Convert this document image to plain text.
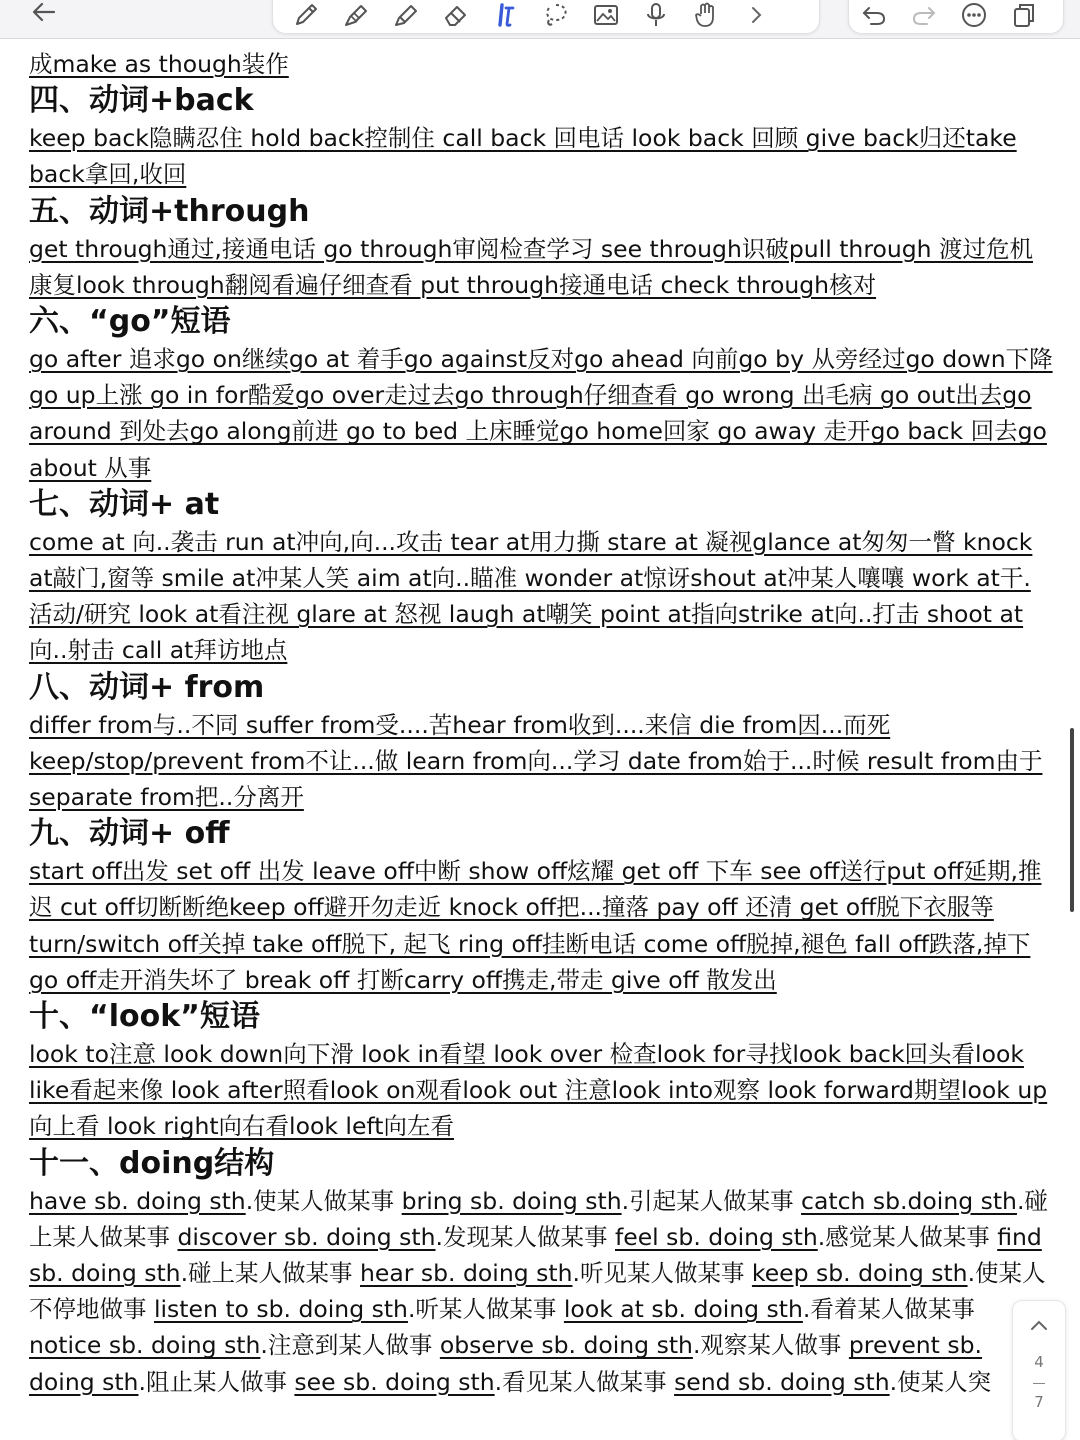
成make as though装作

四、动词+back

keep back隐瞒忍住 hold back控制住 call back 回电话 look back 回顾 give back归还take back拿回,收回

五、动词+through

get through通过,接通电话 go through审阅检查学习 see through识破pull through 渡过危机康复look through翻阅看遍仔细查看 put through接通电话 check through核对

六、“go”短语

go after 追求go on继续go at 着手go against反对go ahead 向前go by 从旁经过go down下降 go up上涨 go in for酷爱go over走过去go through仔细查看 go wrong 出毛病 go out出去go around 到处去go along前进 go to bed 上床睡觉go home回家 go away 走开go back 回去go about 从事

七、动词+ at

come at 向..袭击 run at冲向,向...攻击 tear at用力撕 stare at 凝视glance at匆匆一瞥 knock at敲门,窗等 smile at冲某人笑 aim at向..瞄准 wonder at惊讶shout at冲某人嚷嚷 work at干.活动/研究 look at看注视 glare at 怒视 laugh at嘲笑 point at指向strike at向..打击 shoot at向..射击 call at拜访地点

八、动词+ from

differ from与..不同 suffer from受....苦hear from收到....来信 die from因...而死keep/stop/prevent from不让...做 learn from向...学习 date from始于...时候 result from由于 separate from把..分离开

九、动词+ off

start off出发 set off 出发 leave off中断 show off炫耀 get off 下车 see off送行put off延期,推迟 cut off切断断绝keep off避开勿走近 knock off把...撞落 pay off 还清 get off脱下衣服等 turn/switch off关掉 take off脱下, 起飞 ring off挂断电话 come off脱掉,褪色 fall off跌落,掉下go off走开消失坏了 break off 打断carry off携走,带走 give off 散发出

十、“look”短语

look to注意 look down向下滑 look in看望 look over 检查look for寻找look back回头看look like看起来像 look after照看look on观看look out 注意look into观察 look forward期望look up向上看 look right向右看look left向左看

十一、doing结构

have sb. doing sth.使某人做某事 bring sb. doing sth.引起某人做某事 catch sb.doing sth.碰上某人做某事 discover sb. doing sth.发现某人做某事 feel sb. doing sth.感觉某人做某事 find sb. doing sth.碰上某人做某事 hear sb. doing sth.听见某人做某事 keep sb. doing sth.使某人不停地做事 listen to sb. doing sth.听某人做某事 look at sb. doing sth.看着某人做某事 notice sb. doing sth.注意到某人做事 observe sb. doing sth.观察某人做事 prevent sb. doing sth.阻止某人做事 see sb. doing sth.看见某人做某事 send sb. doing sth.使某人突

4
7
